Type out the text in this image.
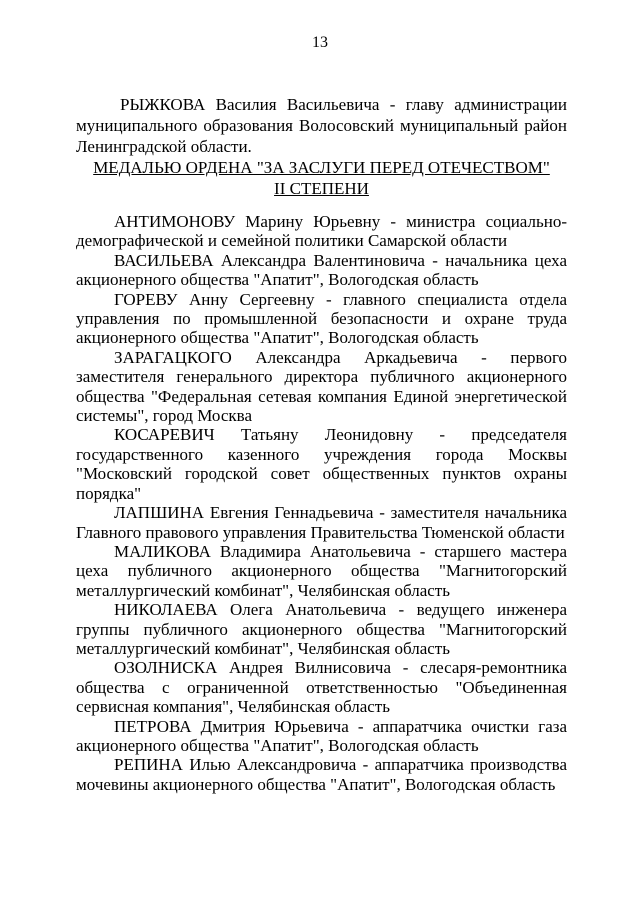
13

РЫЖКОВА Василия Васильевича - главу администрации муниципального образования Волосовский муниципальный район Ленинградской области.

МЕДАЛЬЮ ОРДЕНА "ЗА ЗАСЛУГИ ПЕРЕД ОТЕЧЕСТВОМ"
II СТЕПЕНИ

АНТИМОНОВУ Марину Юрьевну - министра социально-демографической и семейной политики Самарской области

ВАСИЛЬЕВА Александра Валентиновича - начальника цеха акционерного общества "Апатит", Вологодская область

ГОРЕВУ Анну Сергеевну - главного специалиста отдела управления по промышленной безопасности и охране труда акционерного общества "Апатит", Вологодская область

ЗАРАГАЦКОГО Александра Аркадьевича - первого заместителя генерального директора публичного акционерного общества "Федеральная сетевая компания Единой энергетической системы", город Москва

КОСАРЕВИЧ Татьяну Леонидовну - председателя государственного казенного учреждения города Москвы "Московский городской совет общественных пунктов охраны порядка"

ЛАПШИНА Евгения Геннадьевича - заместителя начальника Главного правового управления Правительства Тюменской области

МАЛИКОВА Владимира Анатольевича - старшего мастера цеха публичного акционерного общества "Магнитогорский металлургический комбинат", Челябинская область

НИКОЛАЕВА Олега Анатольевича - ведущего инженера группы публичного акционерного общества "Магнитогорский металлургический комбинат", Челябинская область

ОЗОЛНИСКА Андрея Вилнисовича - слесаря-ремонтника общества с ограниченной ответственностью "Объединенная сервисная компания", Челябинская область

ПЕТРОВА Дмитрия Юрьевича - аппаратчика очистки газа акционерного общества "Апатит", Вологодская область

РЕПИНА Илью Александровича - аппаратчика производства мочевины акционерного общества "Апатит", Вологодская область
